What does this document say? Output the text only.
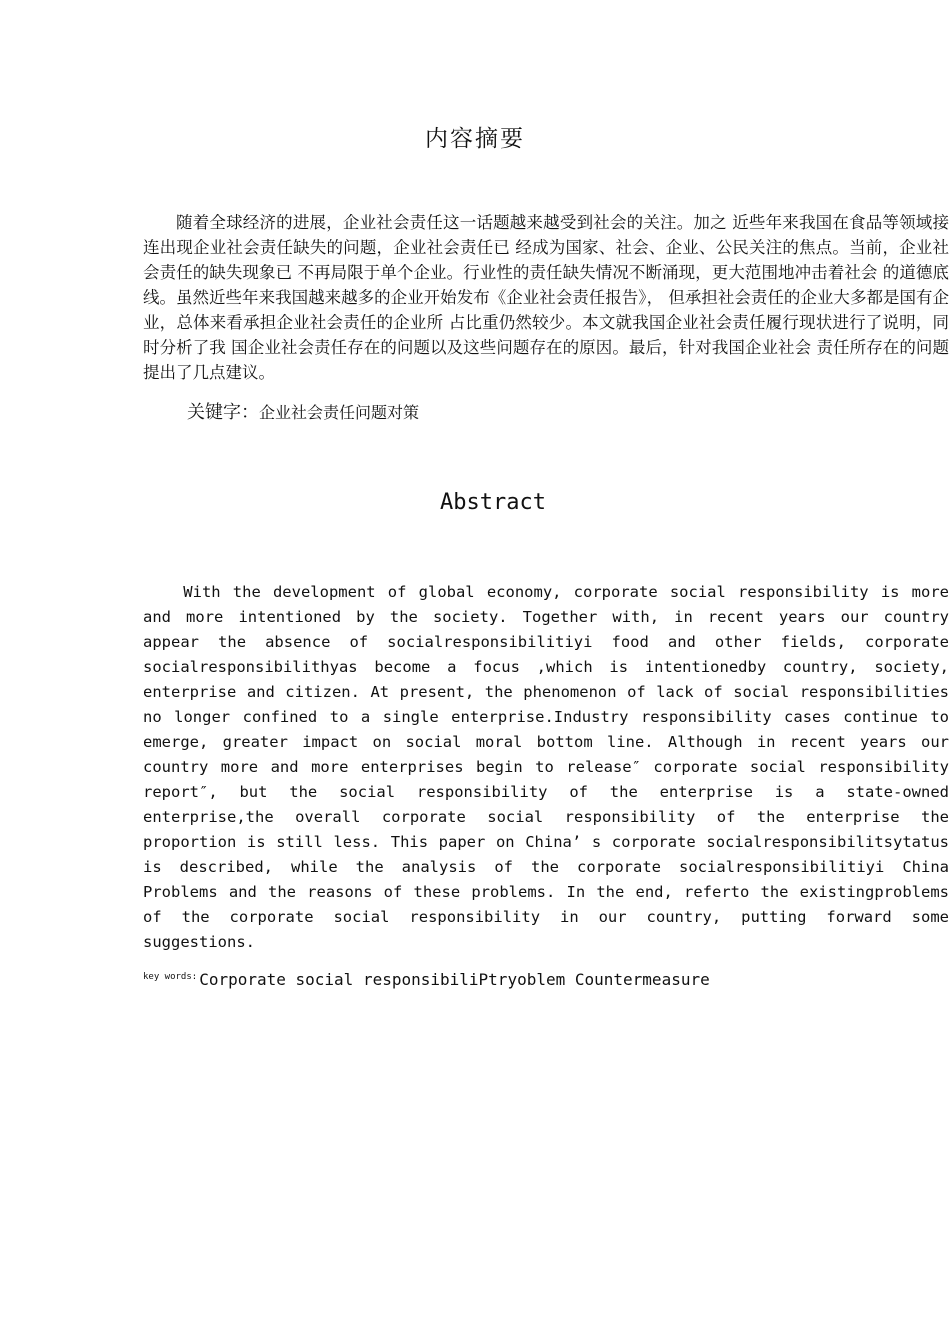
内容摘要

随着全球经济的进展，企业社会责任这一话题越来越受到社会的关注。加之 近些年来我国在食品等领域接连出现企业社会责任缺失的问题，企业社会责任已 经成为国家、社会、企业、公民关注的焦点。当前，企业社会责任的缺失现象已 不再局限于单个企业。行业性的责任缺失情况不断涌现，更大范围地冲击着社会 的道德底线。虽然近些年来我国越来越多的企业开始发布《企业社会责任报告》， 但承担社会责任的企业大多都是国有企业，总体来看承担企业社会责任的企业所 占比重仍然较少。本文就我国企业社会责任履行现状进行了说明，同时分析了我 国企业社会责任存在的问题以及这些问题存在的原因。最后，针对我国企业社会 责任所存在的问题提出了几点建议。

关键字：企业社会责任问题对策

Abstract

With the development of global economy, corporate social responsibility is more and more intentioned by the society. Together with, in recent years our country appear the absence of socialresponsibilitiyi food and other fields, corporate socialresponsibilithyas become a focus ,which is intentionedby country, society, enterprise and citizen. At present, the phenomenon of lack of social responsibilities no longer confined to a single enterprise.Industry responsibility cases continue to emerge, greater impact on social moral bottom line. Although in recent years our country more and more enterprises begin to release″ corporate social responsibility report″, but the social responsibility of the enterprise is a state-owned enterprise,the overall corporate social responsibility of the enterprise the proportion is still less. This paper on China’ s corporate socialresponsibilitsytatus is described, while the analysis of the corporate socialresponsibilitiyi China Problems and the reasons of these problems. In the end, referto the existingproblems of the corporate social responsibility in our country, putting forward some suggestions.

$^{key words:}$ Corporate social responsibiliPtryoblem Countermeasure
